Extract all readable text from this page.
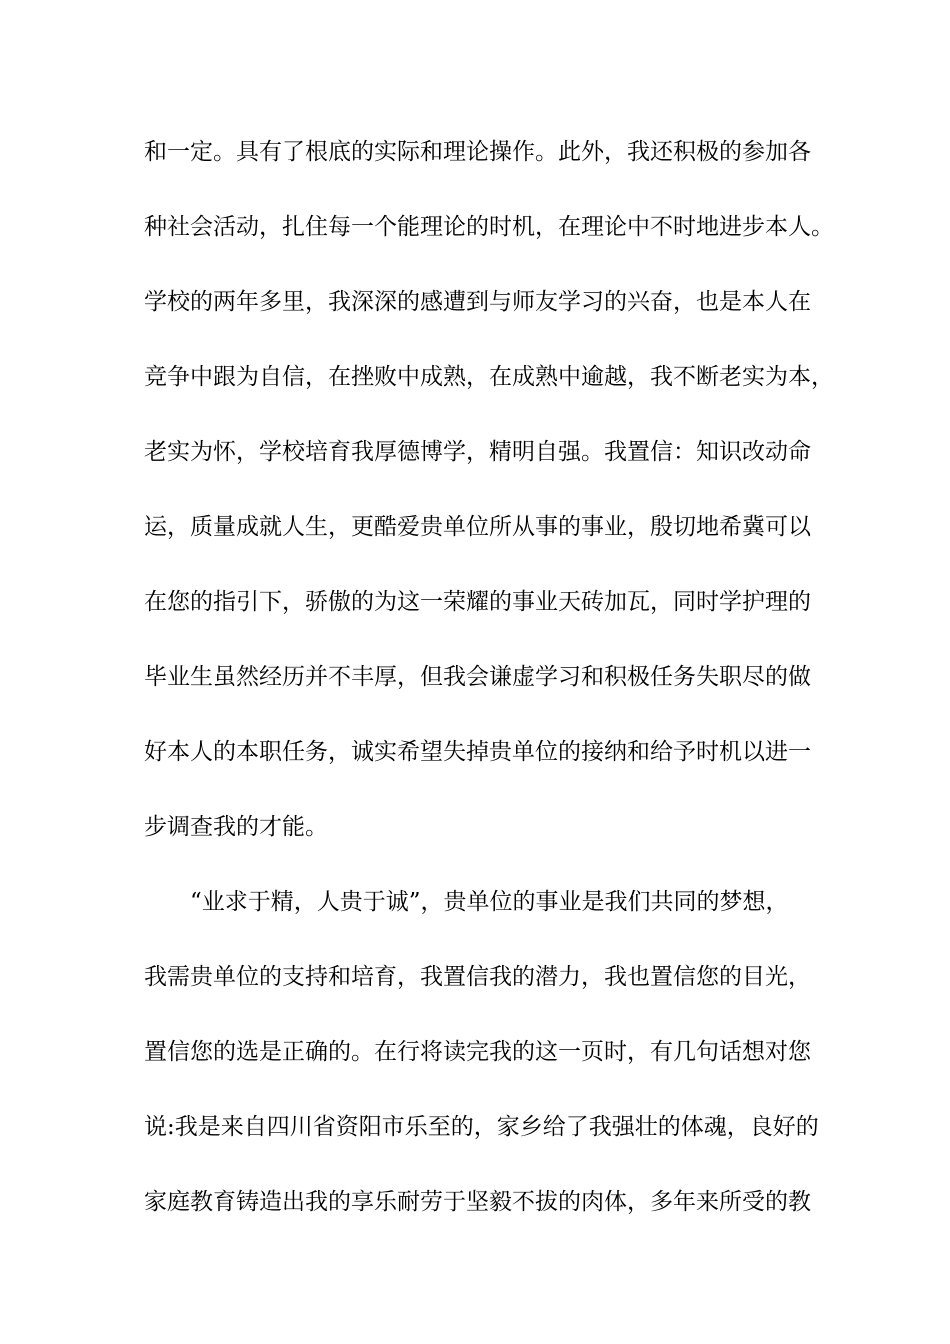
和一定。具有了根底的实际和理论操作。此外，我还积极的参加各
种社会活动，扎住每一个能理论的时机，在理论中不时地进步本人。
学校的两年多里，我深深的感遭到与师友学习的兴奋，也是本人在
竞争中跟为自信，在挫败中成熟，在成熟中逾越，我不断老实为本，
老实为怀，学校培育我厚德博学，精明自强。我置信：知识改动命
运，质量成就人生，更酷爱贵单位所从事的事业，殷切地希冀可以
在您的指引下，骄傲的为这一荣耀的事业天砖加瓦，同时学护理的
毕业生虽然经历并不丰厚，但我会谦虚学习和积极任务失职尽的做
好本人的本职任务，诚实希望失掉贵单位的接纳和给予时机以进一
步调查我的才能。
“业求于精，人贵于诚”，贵单位的事业是我们共同的梦想，
我需贵单位的支持和培育，我置信我的潜力，我也置信您的目光，
置信您的选是正确的。在行将读完我的这一页时，有几句话想对您
说:我是来自四川省资阳市乐至的，家乡给了我强壮的体魂，良好的
家庭教育铸造出我的享乐耐劳于坚毅不拔的肉体，多年来所受的教
